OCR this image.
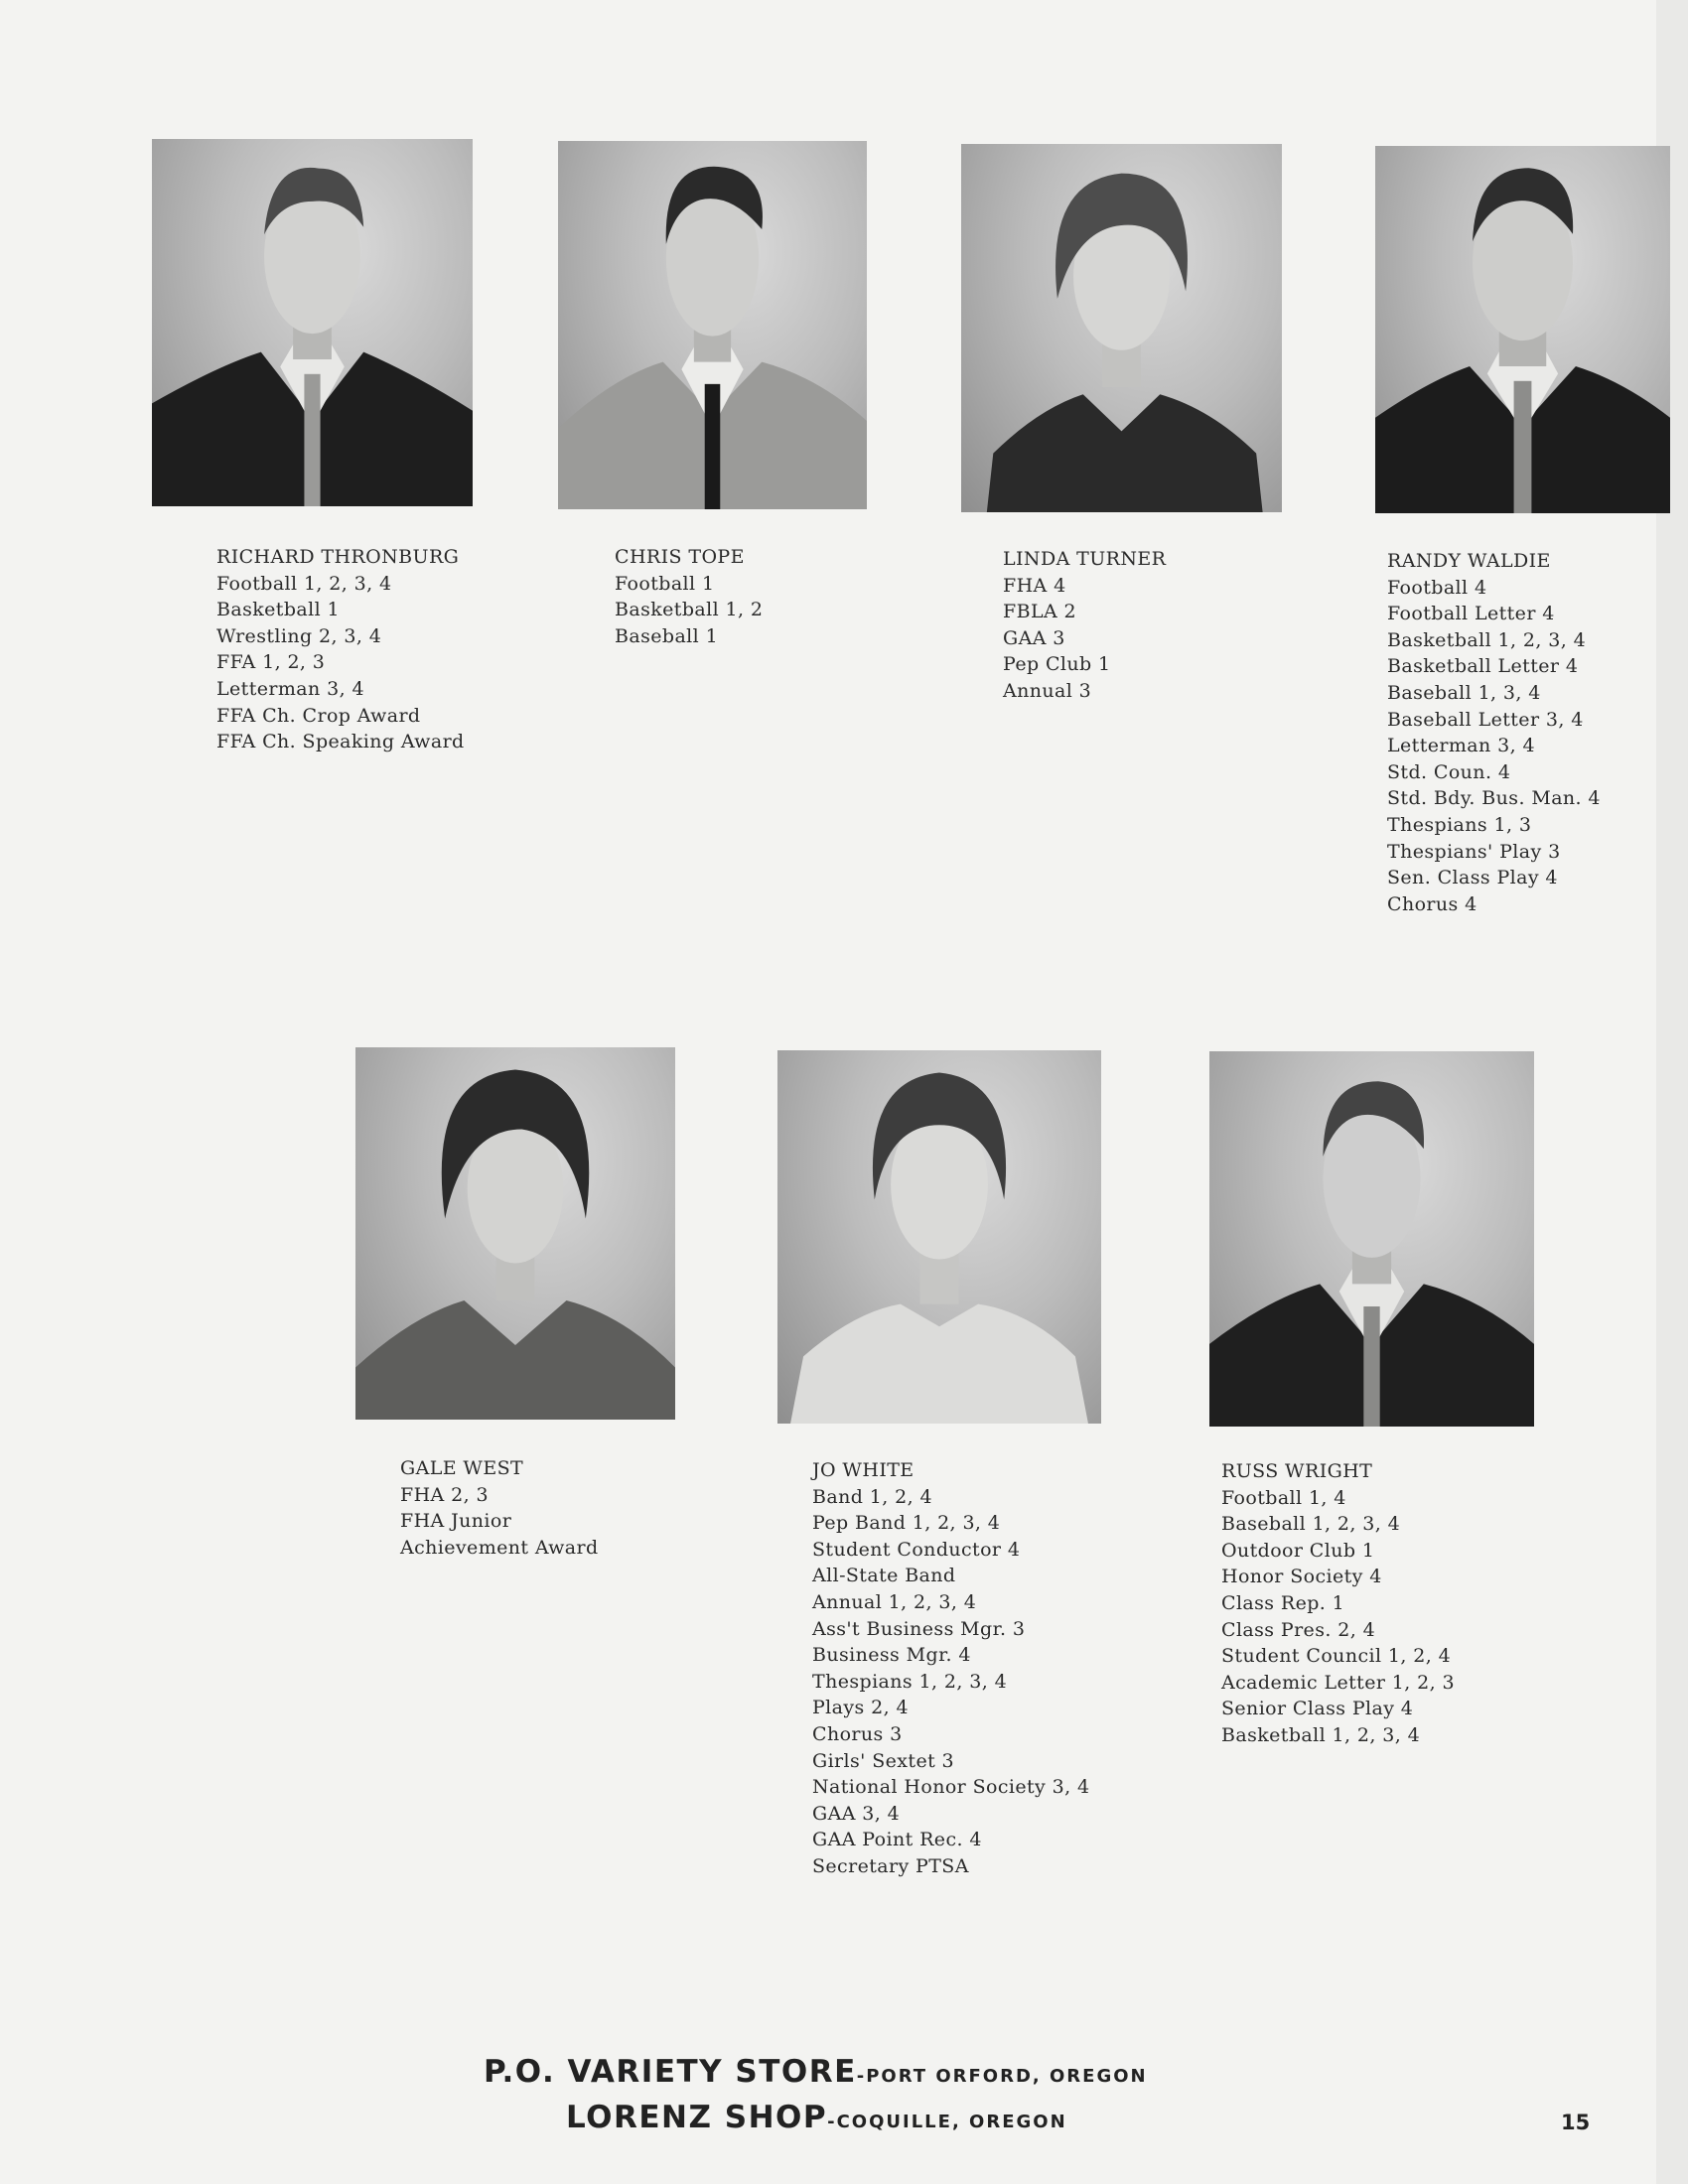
RICHARD THRONBURG
Football 1, 2, 3, 4
Basketball 1
Wrestling 2, 3, 4
FFA 1, 2, 3
Letterman 3, 4
FFA Ch. Crop Award
FFA Ch. Speaking Award
CHRIS TOPE
Football 1
Basketball 1, 2
Baseball 1
LINDA TURNER
FHA 4
FBLA 2
GAA 3
Pep Club 1
Annual 3
RANDY WALDIE
Football 4
Football Letter 4
Basketball 1, 2, 3, 4
Basketball Letter 4
Baseball 1, 3, 4
Baseball Letter 3, 4
Letterman 3, 4
Std. Coun. 4
Std. Bdy. Bus. Man. 4
Thespians 1, 3
Thespians' Play 3
Sen. Class Play 4
Chorus 4
GALE WEST
FHA 2, 3
FHA Junior
Achievement Award
JO WHITE
Band 1, 2, 4
Pep Band 1, 2, 3, 4
Student Conductor 4
All-State Band
Annual 1, 2, 3, 4
Ass't Business Mgr. 3
Business Mgr. 4
Thespians 1, 2, 3, 4
Plays 2, 4
Chorus 3
Girls' Sextet 3
National Honor Society 3, 4
GAA 3, 4
GAA Point Rec. 4
Secretary PTSA
RUSS WRIGHT
Football 1, 4
Baseball 1, 2, 3, 4
Outdoor Club 1
Honor Society 4
Class Rep. 1
Class Pres. 2, 4
Student Council 1, 2, 4
Academic Letter 1, 2, 3
Senior Class Play 4
Basketball 1, 2, 3, 4
P.O. VARIETY STORE-PORT ORFORD, OREGON
LORENZ SHOP-COQUILLE, OREGON	15
